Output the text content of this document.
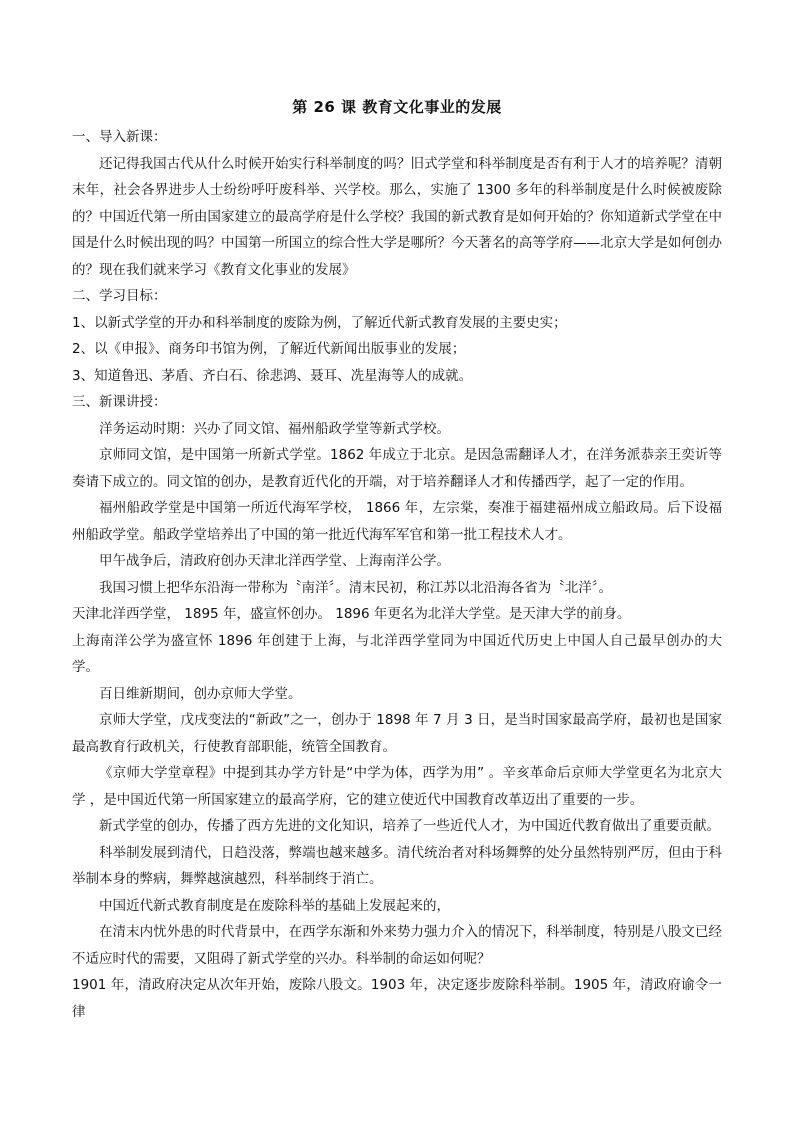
第 26 课 教育文化事业的发展

一、导入新课：

还记得我国古代从什么时候开始实行科举制度的吗？旧式学堂和科举制度是否有利于人才的培养呢？清朝末年，社会各界进步人士纷纷呼吁废科举、兴学校。那么，实施了 1300 多年的科举制度是什么时候被废除的？中国近代第一所由国家建立的最高学府是什么学校？我国的新式教育是如何开始的？你知道新式学堂在中国是什么时候出现的吗？中国第一所国立的综合性大学是哪所？今天著名的高等学府——北京大学是如何创办的？现在我们就来学习《教育文化事业的发展》

二、学习目标：

1、以新式学堂的开办和科举制度的废除为例，了解近代新式教育发展的主要史实；

2、以《申报》、商务印书馆为例，了解近代新闻出版事业的发展；

3、知道鲁迅、茅盾、齐白石、徐悲鸿、聂耳、冼星海等人的成就。

三、新课讲授：

洋务运动时期：兴办了同文馆、福州船政学堂等新式学校。

京师同文馆，是中国第一所新式学堂。1862 年成立于北京。是因急需翻译人才，在洋务派恭亲王奕䜣等奏请下成立的。同文馆的创办，是教育近代化的开端，对于培养翻译人才和传播西学，起了一定的作用。

福州船政学堂是中国第一所近代海军学校， 1866 年，左宗棠，奏准于福建福州成立船政局。后下设福州船政学堂。船政学堂培养出了中国的第一批近代海军军官和第一批工程技术人才。

甲午战争后，清政府创办天津北洋西学堂、上海南洋公学。

我国习惯上把华东沿海一带称为〝南洋〞。清末民初，称江苏以北沿海各省为〝北洋〞。

天津北洋西学堂， 1895 年，盛宣怀创办。 1896 年更名为北洋大学堂。是天津大学的前身。

上海南洋公学为盛宣怀 1896 年创建于上海，与北洋西学堂同为中国近代历史上中国人自己最早创办的大学。

百日维新期间，创办京师大学堂。

京师大学堂，戊戌变法的“新政”之一，创办于 1898 年 7 月 3 日，是当时国家最高学府，最初也是国家最高教育行政机关，行使教育部职能，统管全国教育。

《京师大学堂章程》中提到其办学方针是“中学为体，西学为用” 。辛亥革命后京师大学堂更名为北京大学 ，是中国近代第一所国家建立的最高学府，它的建立使近代中国教育改革迈出了重要的一步。

新式学堂的创办，传播了西方先进的文化知识，培养了一些近代人才，为中国近代教育做出了重要贡献。

科举制发展到清代，日趋没落，弊端也越来越多。清代统治者对科场舞弊的处分虽然特别严厉，但由于科举制本身的弊病，舞弊越演越烈，科举制终于消亡。

中国近代新式教育制度是在废除科举的基础上发展起来的，

在清末内忧外患的时代背景中，在西学东渐和外来势力强力介入的情况下，科举制度，特别是八股文已经不适应时代的需要，又阻碍了新式学堂的兴办。科举制的命运如何呢？

1901 年，清政府决定从次年开始，废除八股文。1903 年，决定逐步废除科举制。1905 年，清政府谕令一律
